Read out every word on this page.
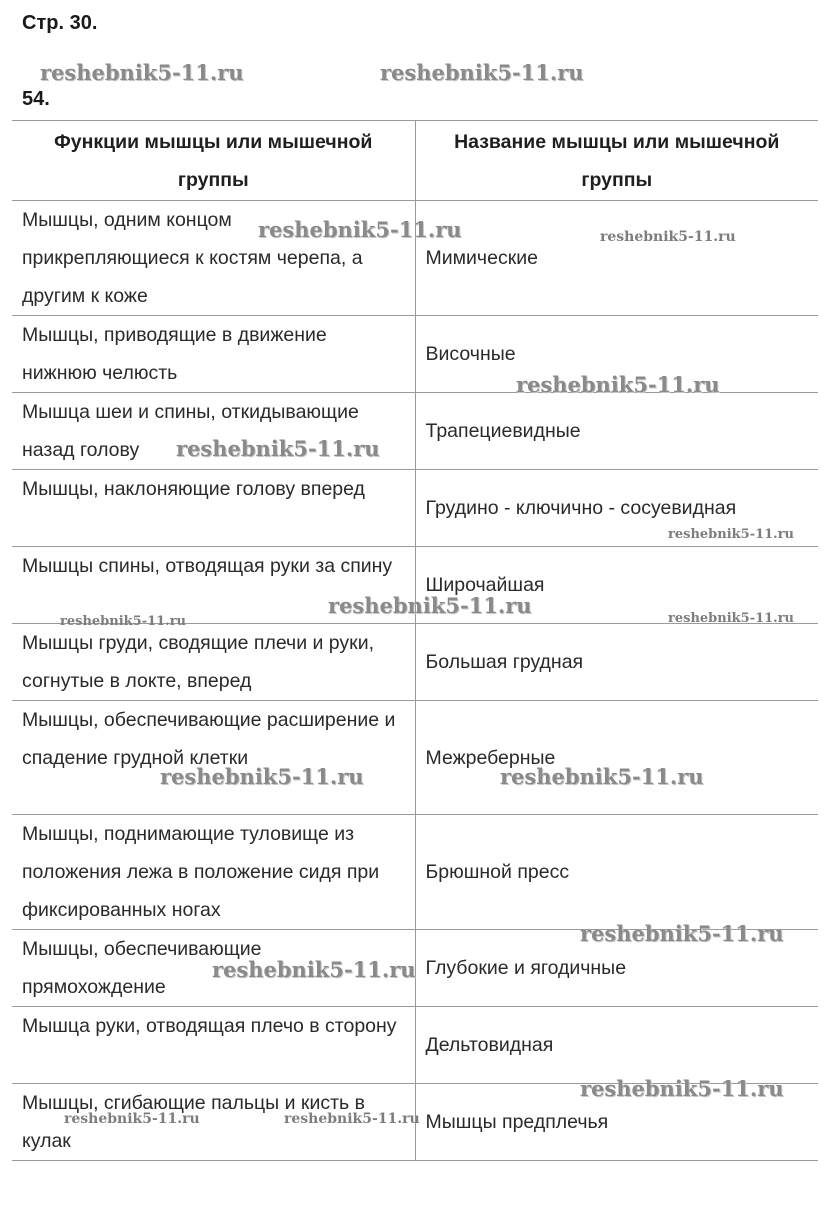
Стр. 30.
54.
Функции мышцы или мышечной группы	Название мышцы или мышечной группы
Мышцы, одним концом прикрепляющиеся к костям черепа, а другим к коже	Мимические
Мышцы, приводящие в движение нижнюю челюсть	Височные
Мышца шеи и спины, откидывающие назад голову	Трапециевидные
Мышцы, наклоняющие голову вперед	Грудино - ключично - сосуевидная
Мышцы спины, отводящая руки за спину	Широчайшая
Мышцы груди, сводящие плечи и руки, согнутые в локте, вперед	Большая грудная
Мышцы, обеспечивающие расширение и спадение грудной клетки	Межреберные
Мышцы, поднимающие туловище из положения лежа в положение сидя при фиксированных ногах	Брюшной пресс
Мышцы, обеспечивающие прямохождение	Глубокие и ягодичные
Мышца руки, отводящая плечо в сторону	Дельтовидная
Мышцы, сгибающие пальцы и кисть в кулак	Мышцы предплечья
reshebnik5-11.ru	reshebnik5-11.ru
reshebnik5-11.ru	reshebnik5-11.ru
reshebnik5-11.ru
reshebnik5-11.ru
reshebnik5-11.ru
reshebnik5-11.ru
reshebnik5-11.ru	reshebnik5-11.ru
reshebnik5-11.ru	reshebnik5-11.ru
reshebnik5-11.ru
reshebnik5-11.ru
reshebnik5-11.ru
reshebnik5-11.ru	reshebnik5-11.ru
